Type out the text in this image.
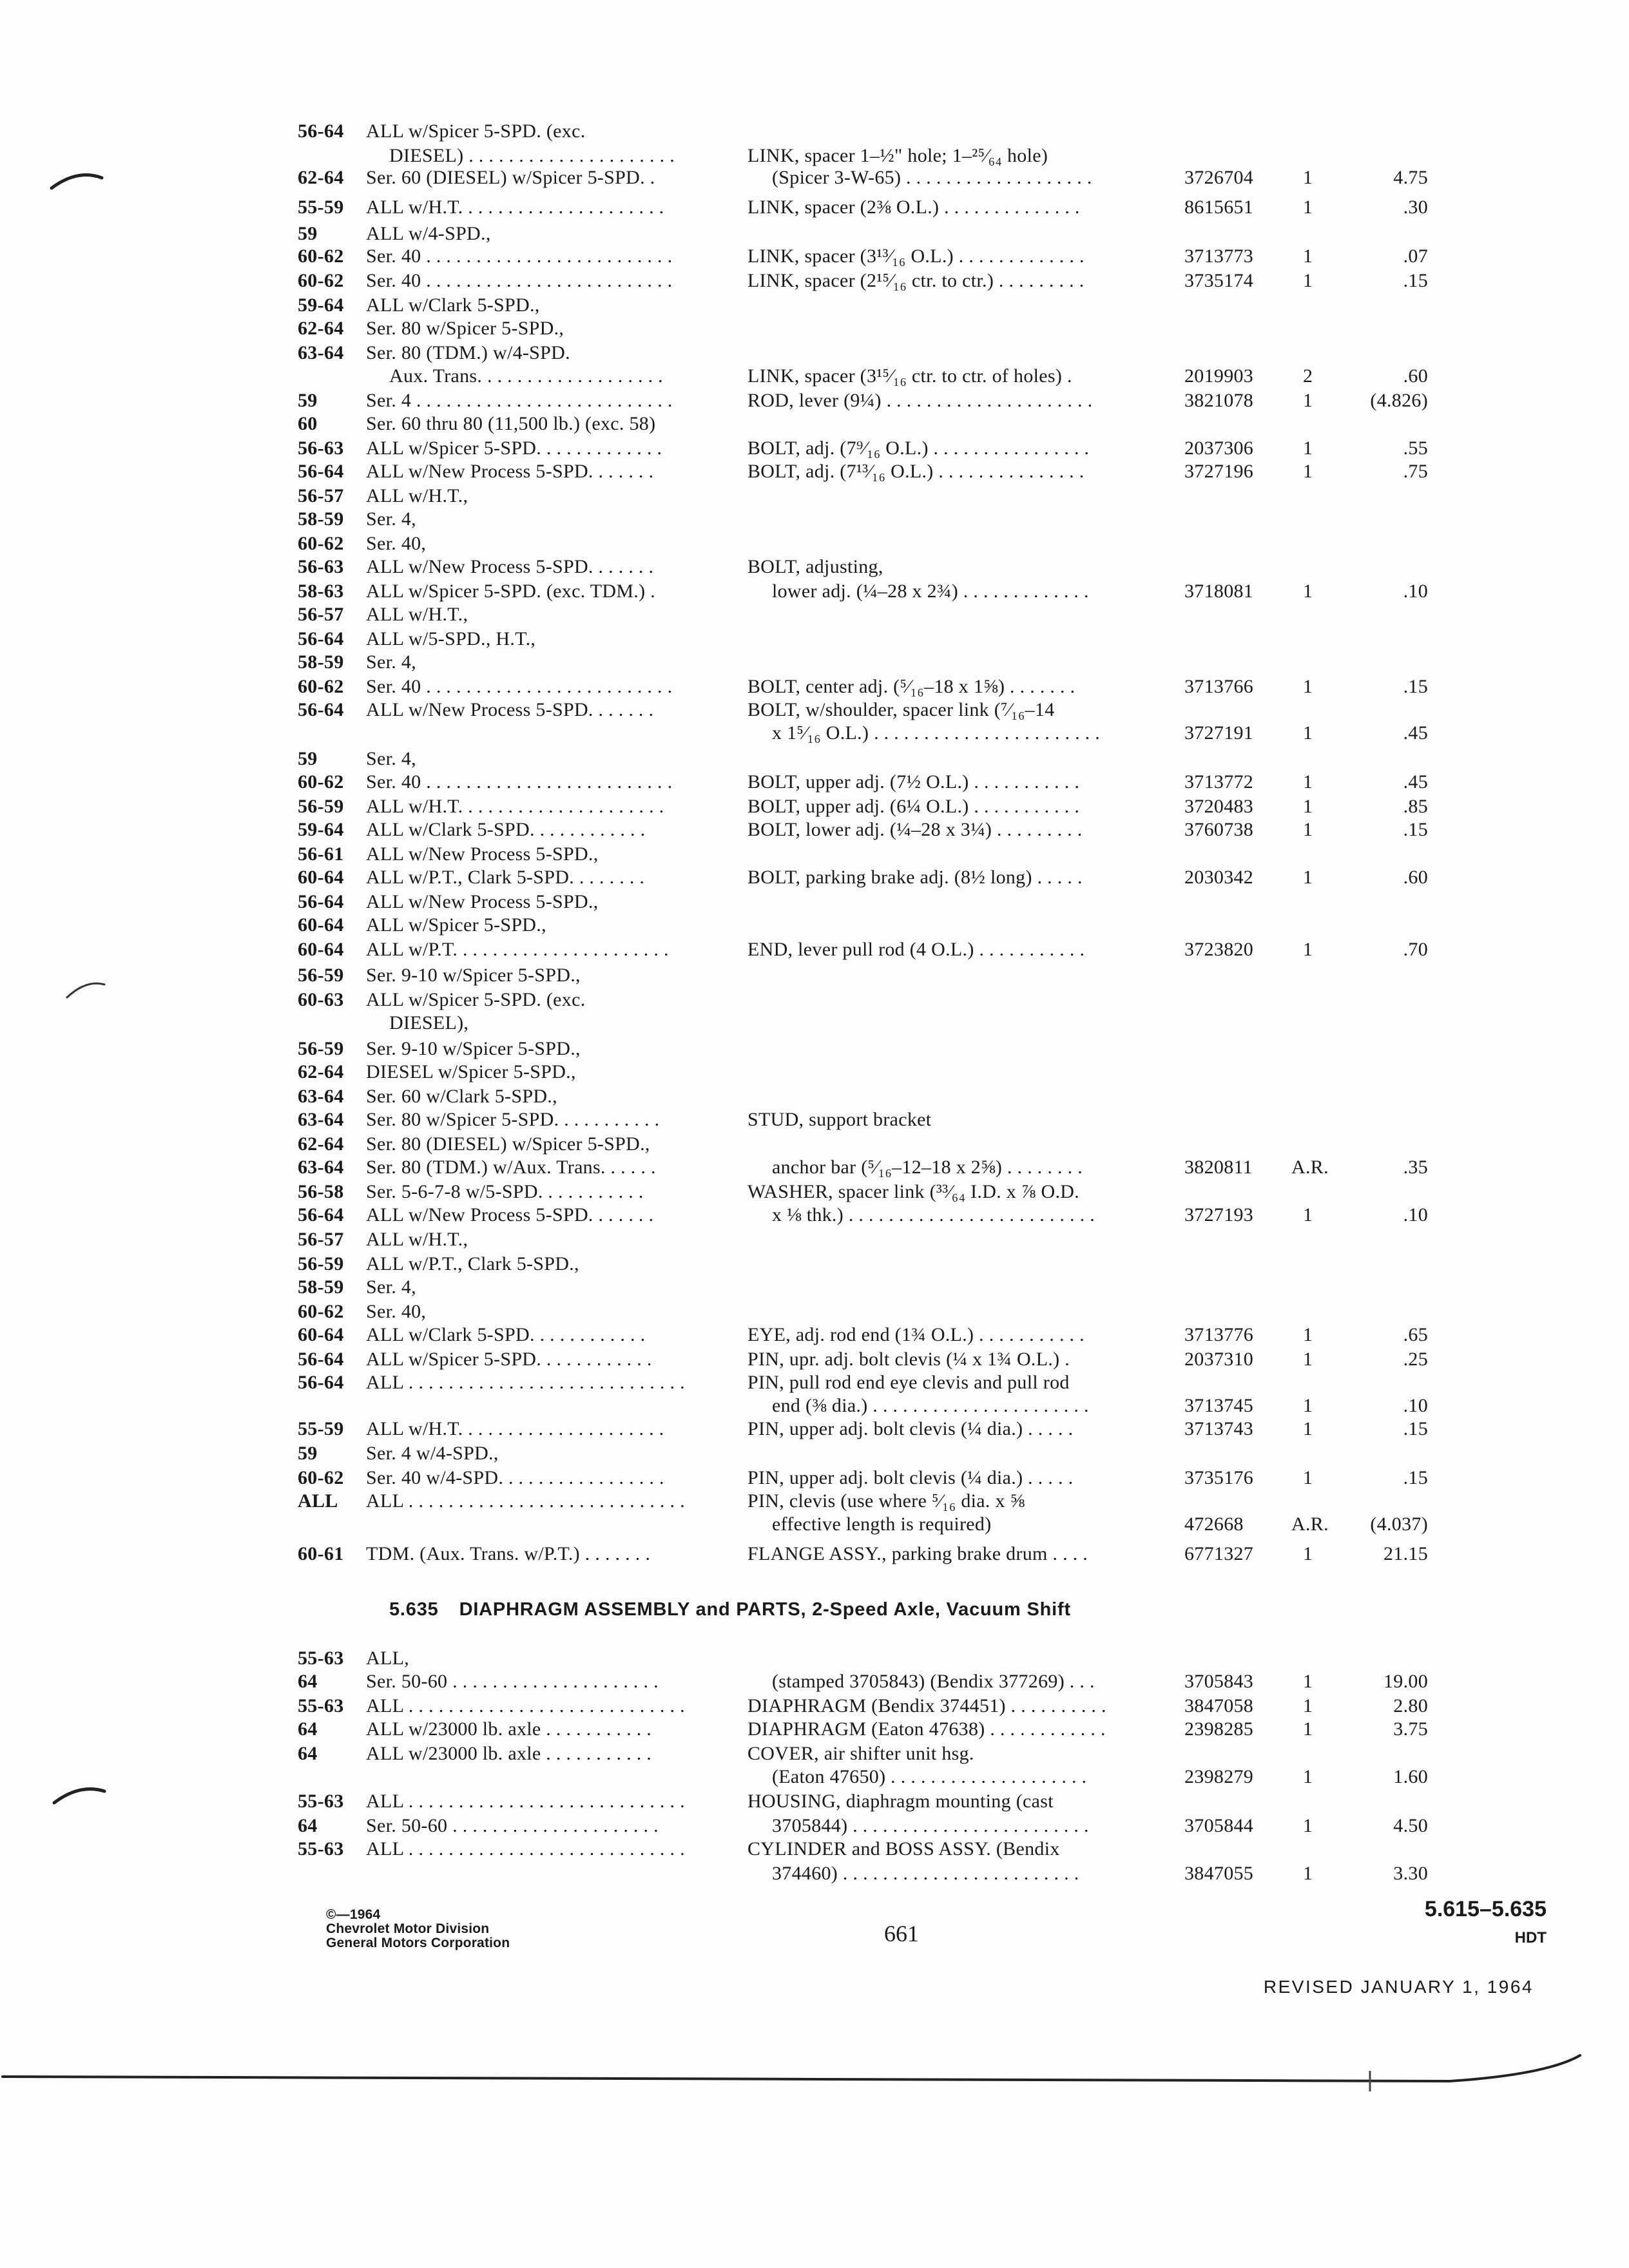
56-64 ALL w/Spicer 5-SPD. (exc.
DIESEL) . . . . . . . . . . . . . . . . . . . . .	LINK, spacer 1–½" hole; 1–²⁵⁄₆₄ hole)
62-64 Ser. 60 (DIESEL) w/Spicer 5-SPD. .	(Spicer 3-W-65) . . . . . . . . . . . . . . . . . . .	3726704	1	4.75
55-59 ALL w/H.T. . . . . . . . . . . . . . . . . . . . .	LINK, spacer (2⅜ O.L.) . . . . . . . . . . . . . .	8615651	1	.30
59	ALL w/4-SPD.,
60-62 Ser. 40 . . . . . . . . . . . . . . . . . . . . . . . . .	LINK, spacer (3¹³⁄₁₆ O.L.) . . . . . . . . . . . . .	3713773	1	.07
60-62 Ser. 40 . . . . . . . . . . . . . . . . . . . . . . . . .	LINK, spacer (2¹⁵⁄₁₆ ctr. to ctr.) . . . . . . . . .	3735174	1	.15
59-64 ALL w/Clark 5-SPD.,
62-64 Ser. 80 w/Spicer 5-SPD.,
63-64 Ser. 80 (TDM.) w/4-SPD.
Aux. Trans. . . . . . . . . . . . . . . . . . .	LINK, spacer (3¹⁵⁄₁₆ ctr. to ctr. of holes) .	2019903	2	.60
59	Ser. 4 . . . . . . . . . . . . . . . . . . . . . . . . . .	ROD, lever (9¼) . . . . . . . . . . . . . . . . . . . . .	3821078	1	(4.826)
60	Ser. 60 thru 80 (11,500 lb.) (exc. 58)
56-63 ALL w/Spicer 5-SPD. . . . . . . . . . . . .	BOLT, adj. (7⁹⁄₁₆ O.L.) . . . . . . . . . . . . . . . .	2037306	1	.55
56-64 ALL w/New Process 5-SPD. . . . . . .	BOLT, adj. (7¹³⁄₁₆ O.L.) . . . . . . . . . . . . . . .	3727196	1	.75
56-57 ALL w/H.T.,
58-59 Ser. 4,
60-62 Ser. 40,
56-63 ALL w/New Process 5-SPD. . . . . . .	BOLT, adjusting,
58-63 ALL w/Spicer 5-SPD. (exc. TDM.) .	lower adj. (¼–28 x 2¾) . . . . . . . . . . . . .	3718081	1	.10
56-57 ALL w/H.T.,
56-64 ALL w/5-SPD., H.T.,
58-59 Ser. 4,
60-62 Ser. 40 . . . . . . . . . . . . . . . . . . . . . . . . .	BOLT, center adj. (⁵⁄₁₆–18 x 1⅝) . . . . . . .	3713766	1	.15
56-64 ALL w/New Process 5-SPD. . . . . . .	BOLT, w/shoulder, spacer link (⁷⁄₁₆–14
x 1⁵⁄₁₆ O.L.) . . . . . . . . . . . . . . . . . . . . . . .	3727191	1	.45
59	Ser. 4,
60-62 Ser. 40 . . . . . . . . . . . . . . . . . . . . . . . . .	BOLT, upper adj. (7½ O.L.) . . . . . . . . . . .	3713772	1	.45
56-59 ALL w/H.T. . . . . . . . . . . . . . . . . . . . .	BOLT, upper adj. (6¼ O.L.) . . . . . . . . . . .	3720483	1	.85
59-64 ALL w/Clark 5-SPD. . . . . . . . . . . .	BOLT, lower adj. (¼–28 x 3¼) . . . . . . . . .	3760738	1	.15
56-61 ALL w/New Process 5-SPD.,
60-64 ALL w/P.T., Clark 5-SPD. . . . . . . .	BOLT, parking brake adj. (8½ long) . . . . .	2030342	1	.60
56-64 ALL w/New Process 5-SPD.,
60-64 ALL w/Spicer 5-SPD.,
60-64 ALL w/P.T. . . . . . . . . . . . . . . . . . . . . .	END, lever pull rod (4 O.L.) . . . . . . . . . . .	3723820	1	.70
56-59 Ser. 9-10 w/Spicer 5-SPD.,
60-63 ALL w/Spicer 5-SPD. (exc.
DIESEL),
56-59 Ser. 9-10 w/Spicer 5-SPD.,
62-64 DIESEL w/Spicer 5-SPD.,
63-64 Ser. 60 w/Clark 5-SPD.,
63-64 Ser. 80 w/Spicer 5-SPD. . . . . . . . . . .	STUD, support bracket
62-64 Ser. 80 (DIESEL) w/Spicer 5-SPD.,
63-64 Ser. 80 (TDM.) w/Aux. Trans. . . . . .	anchor bar (⁵⁄₁₆–12–18 x 2⅝) . . . . . . . .	3820811 A.R.	.35
56-58 Ser. 5-6-7-8 w/5-SPD. . . . . . . . . . .	WASHER, spacer link (³³⁄₆₄ I.D. x ⅞ O.D.
56-64 ALL w/New Process 5-SPD. . . . . . .	x ⅛ thk.) . . . . . . . . . . . . . . . . . . . . . . . . .	3727193	1	.10
56-57 ALL w/H.T.,
56-59 ALL w/P.T., Clark 5-SPD.,
58-59 Ser. 4,
60-62 Ser. 40,
60-64 ALL w/Clark 5-SPD. . . . . . . . . . . .	EYE, adj. rod end (1¾ O.L.) . . . . . . . . . . .	3713776	1	.65
56-64 ALL w/Spicer 5-SPD. . . . . . . . . . . .	PIN, upr. adj. bolt clevis (¼ x 1¾ O.L.) .	2037310	1	.25
56-64 ALL . . . . . . . . . . . . . . . . . . . . . . . . . . . .	PIN, pull rod end eye clevis and pull rod
end (⅜ dia.) . . . . . . . . . . . . . . . . . . . . . .	3713745	1	.10
55-59 ALL w/H.T. . . . . . . . . . . . . . . . . . . . .	PIN, upper adj. bolt clevis (¼ dia.) . . . . .	3713743	1	.15
59	Ser. 4 w/4-SPD.,
60-62 Ser. 40 w/4-SPD. . . . . . . . . . . . . . . . .	PIN, upper adj. bolt clevis (¼ dia.) . . . . .	3735176	1	.15
ALL ALL . . . . . . . . . . . . . . . . . . . . . . . . . . . .	PIN, clevis (use where ⁵⁄₁₆ dia. x ⅝
effective length is required)	472668 A.R. (4.037)
60-61 TDM. (Aux. Trans. w/P.T.) . . . . . . .	FLANGE ASSY., parking brake drum . . . .	6771327	1	21.15
5.635 DIAPHRAGM ASSEMBLY and PARTS, 2-Speed Axle, Vacuum Shift
55-63 ALL,
64	Ser. 50-60 . . . . . . . . . . . . . . . . . . . . .	(stamped 3705843) (Bendix 377269) . . .	3705843	1	19.00
55-63 ALL . . . . . . . . . . . . . . . . . . . . . . . . . . . .	DIAPHRAGM (Bendix 374451) . . . . . . . . . .	3847058	1	2.80
64	ALL w/23000 lb. axle . . . . . . . . . . .	DIAPHRAGM (Eaton 47638) . . . . . . . . . . . .	2398285	1	3.75
64	ALL w/23000 lb. axle . . . . . . . . . . .	COVER, air shifter unit hsg.
(Eaton 47650) . . . . . . . . . . . . . . . . . . . .	2398279	1	1.60
55-63 ALL . . . . . . . . . . . . . . . . . . . . . . . . . . . .	HOUSING, diaphragm mounting (cast
64	Ser. 50-60 . . . . . . . . . . . . . . . . . . . . .	3705844) . . . . . . . . . . . . . . . . . . . . . . . .	3705844	1	4.50
55-63 ALL . . . . . . . . . . . . . . . . . . . . . . . . . . . .	CYLINDER and BOSS ASSY. (Bendix
374460) . . . . . . . . . . . . . . . . . . . . . . . .	3847055	1	3.30
©—1964
Chevrolet Motor Division
General Motors Corporation	661
5.615–5.635
HDT
REVISED JANUARY 1, 1964
